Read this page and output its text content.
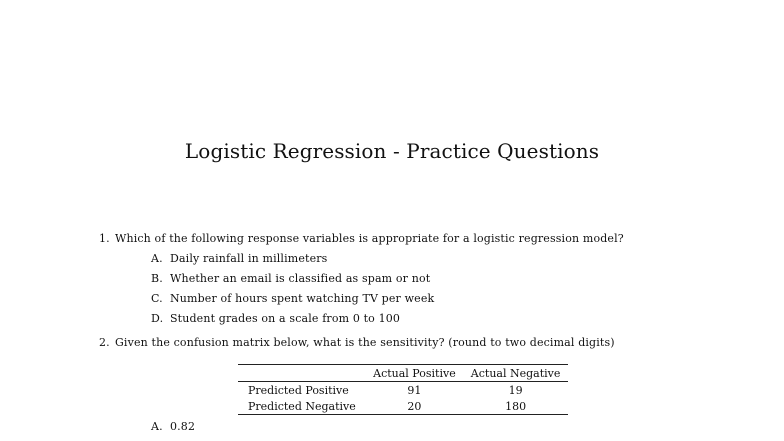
Logistic Regression - Practice Questions
1. Which of the following response variables is appropriate for a logistic regression model?
A. Daily rainfall in millimeters
B. Whether an email is classified as spam or not
C. Number of hours spent watching TV per week
D. Student grades on a scale from 0 to 100
2. Given the confusion matrix below, what is the sensitivity? (round to two decimal digits)
	Actual Positive	Actual Negative
Predicted Positive	91	19
Predicted Negative	20	180
A. 0.82
